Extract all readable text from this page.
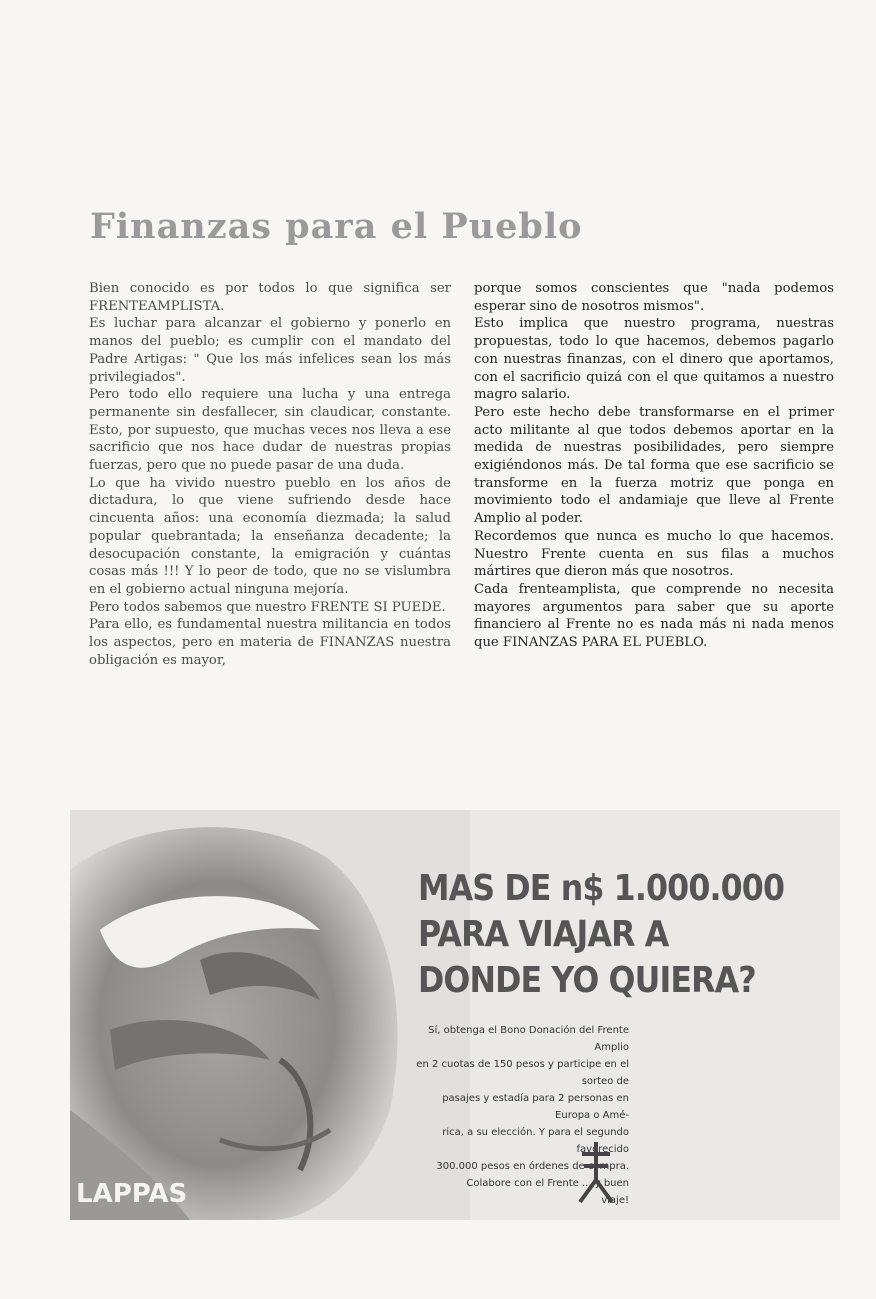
Finanzas para el Pueblo

Bien conocido es por todos lo que significa ser FRENTEAMPLISTA.

Es luchar para alcanzar el gobierno y ponerlo en manos del pueblo; es cumplir con el mandato del Padre Artigas: " Que los más infelices sean los más privilegiados".

Pero todo ello requiere una lucha y una entrega permanente sin desfallecer, sin claudicar, constante. Esto, por supuesto, que muchas veces nos lleva a ese sacrificio que nos hace dudar de nuestras propias fuerzas, pero que no puede pasar de una duda.

Lo que ha vivido nuestro pueblo en los años de dictadura, lo que viene sufriendo desde hace cincuenta años: una economía diezmada; la salud popular quebrantada; la enseñanza decadente; la desocupación constante, la emigración y cuántas cosas más !!! Y lo peor de todo, que no se vislumbra en el gobierno actual ninguna mejoría.

Pero todos sabemos que nuestro FRENTE SI PUEDE.

Para ello, es fundamental nuestra militancia en todos los aspectos, pero en materia de FINANZAS nuestra obligación es mayor,

porque somos conscientes que "nada podemos esperar sino de nosotros mismos".

Esto implica que nuestro programa, nuestras propuestas, todo lo que hacemos, debemos pagarlo con nuestras finanzas, con el dinero que aportamos, con el sacrificio quizá con el que quitamos a nuestro magro salario.

Pero este hecho debe transformarse en el primer acto militante al que todos debemos aportar en la medida de nuestras posibilidades, pero siempre exigiéndonos más. De tal forma que ese sacrificio se transforme en la fuerza motriz que ponga en movimiento todo el andamiaje que lleve al Frente Amplio al poder.

Recordemos que nunca es mucho lo que hacemos. Nuestro Frente cuenta en sus filas a muchos mártires que dieron más que nosotros.

Cada frenteamplista, que comprende no necesita mayores argumentos para saber que su aporte financiero al Frente no es nada más ni nada menos que FINANZAS PARA EL PUEBLO.

LAPPAS
MAS DE n$ 1.000.000
PARA VIAJAR A
DONDE YO QUIERA?
Sí, obtenga el Bono Donación del Frente Amplio
en 2 cuotas de 150 pesos y participe en el sorteo de
pasajes y estadía para 2 personas en Europa o Amé-
rica, a su elección. Y para el segundo favorecido
300.000 pesos en órdenes de compra.
Colabore con el Frente ... y buen
viaje!
